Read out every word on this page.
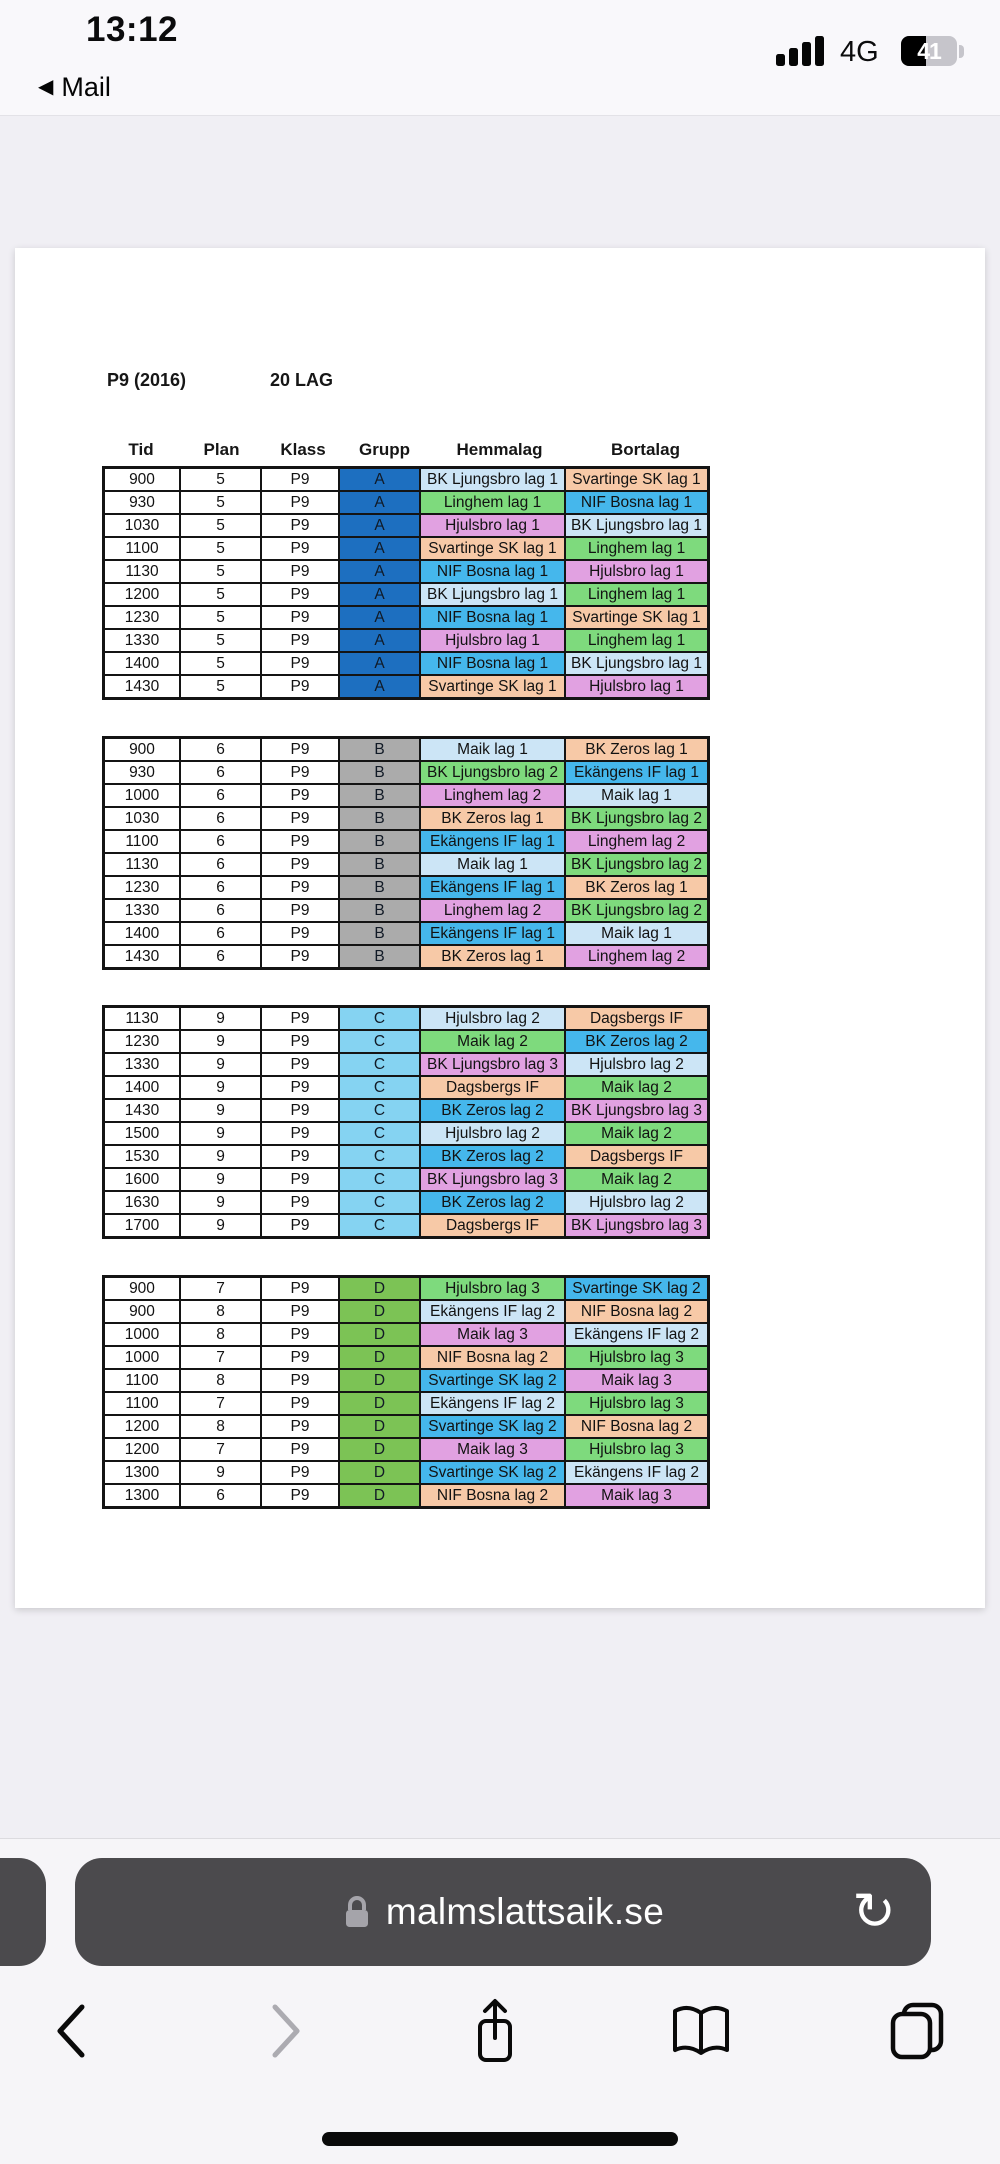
13:12
◀ Mail
4G	41
P9 (2016)	20 LAG
Tid	Plan	Klass	Grupp	Hemmalag	Bortalag
900	5	P9	A	BK Ljungsbro lag 1	Svartinge SK lag 1
930	5	P9	A	Linghem lag 1	NIF Bosna lag 1
1030	5	P9	A	Hjulsbro lag 1	BK Ljungsbro lag 1
1100	5	P9	A	Svartinge SK lag 1	Linghem lag 1
1130	5	P9	A	NIF Bosna lag 1	Hjulsbro lag 1
1200	5	P9	A	BK Ljungsbro lag 1	Linghem lag 1
1230	5	P9	A	NIF Bosna lag 1	Svartinge SK lag 1
1330	5	P9	A	Hjulsbro lag 1	Linghem lag 1
1400	5	P9	A	NIF Bosna lag 1	BK Ljungsbro lag 1
1430	5	P9	A	Svartinge SK lag 1	Hjulsbro lag 1
900	6	P9	B	Maik lag 1	BK Zeros lag 1
930	6	P9	B	BK Ljungsbro lag 2	Ekängens IF lag 1
1000	6	P9	B	Linghem lag 2	Maik lag 1
1030	6	P9	B	BK Zeros lag 1	BK Ljungsbro lag 2
1100	6	P9	B	Ekängens IF lag 1	Linghem lag 2
1130	6	P9	B	Maik lag 1	BK Ljungsbro lag 2
1230	6	P9	B	Ekängens IF lag 1	BK Zeros lag 1
1330	6	P9	B	Linghem lag 2	BK Ljungsbro lag 2
1400	6	P9	B	Ekängens IF lag 1	Maik lag 1
1430	6	P9	B	BK Zeros lag 1	Linghem lag 2
1130	9	P9	C	Hjulsbro lag 2	Dagsbergs IF
1230	9	P9	C	Maik lag 2	BK Zeros lag 2
1330	9	P9	C	BK Ljungsbro lag 3	Hjulsbro lag 2
1400	9	P9	C	Dagsbergs IF	Maik lag 2
1430	9	P9	C	BK Zeros lag 2	BK Ljungsbro lag 3
1500	9	P9	C	Hjulsbro lag 2	Maik lag 2
1530	9	P9	C	BK Zeros lag 2	Dagsbergs IF
1600	9	P9	C	BK Ljungsbro lag 3	Maik lag 2
1630	9	P9	C	BK Zeros lag 2	Hjulsbro lag 2
1700	9	P9	C	Dagsbergs IF	BK Ljungsbro lag 3
900	7	P9	D	Hjulsbro lag 3	Svartinge SK lag 2
900	8	P9	D	Ekängens IF lag 2	NIF Bosna lag 2
1000	8	P9	D	Maik lag 3	Ekängens IF lag 2
1000	7	P9	D	NIF Bosna lag 2	Hjulsbro lag 3
1100	8	P9	D	Svartinge SK lag 2	Maik lag 3
1100	7	P9	D	Ekängens IF lag 2	Hjulsbro lag 3
1200	8	P9	D	Svartinge SK lag 2	NIF Bosna lag 2
1200	7	P9	D	Maik lag 3	Hjulsbro lag 3
1300	9	P9	D	Svartinge SK lag 2	Ekängens IF lag 2
1300	6	P9	D	NIF Bosna lag 2	Maik lag 3
malmslattsaik.se	↻
